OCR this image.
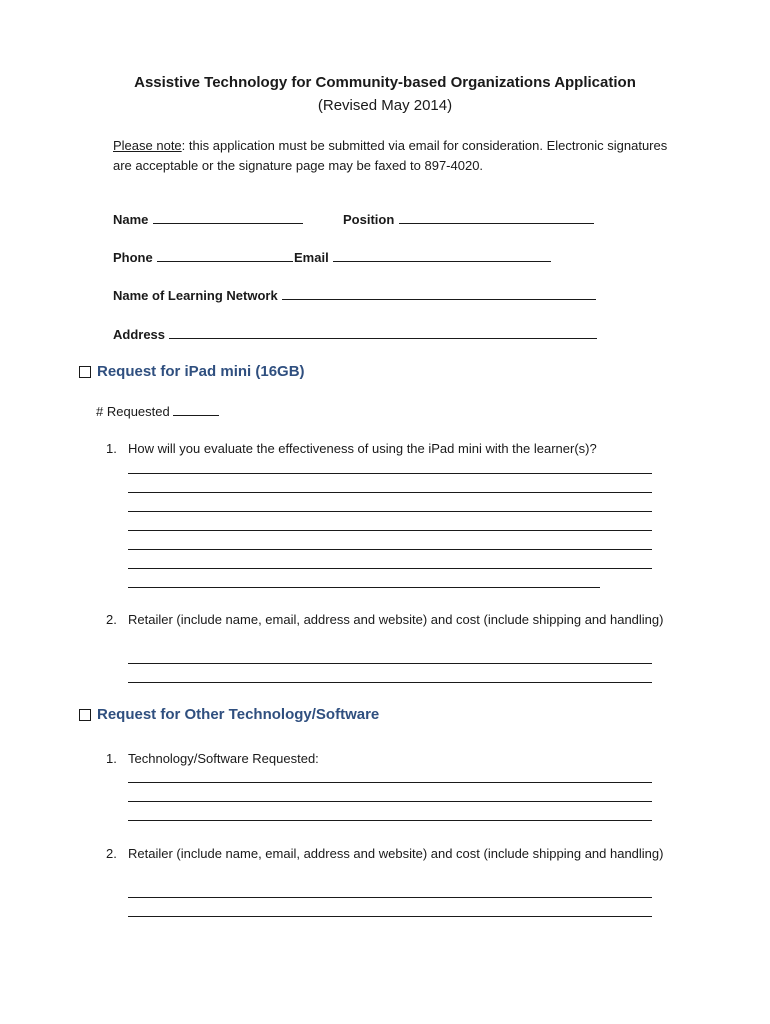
Assistive Technology for Community-based Organizations Application
(Revised May 2014)
Please note: this application must be submitted via email for consideration. Electronic signatures are acceptable or the signature page may be faxed to 897-4020.
Name	Position
Phone	Email
Name of Learning Network
Address
Request for iPad mini (16GB)
# Requested
1. How will you evaluate the effectiveness of using the iPad mini with the learner(s)?
2. Retailer (include name, email, address and website) and cost (include shipping and handling)
Request for Other Technology/Software
1. Technology/Software Requested:
2. Retailer (include name, email, address and website) and cost (include shipping and handling)
